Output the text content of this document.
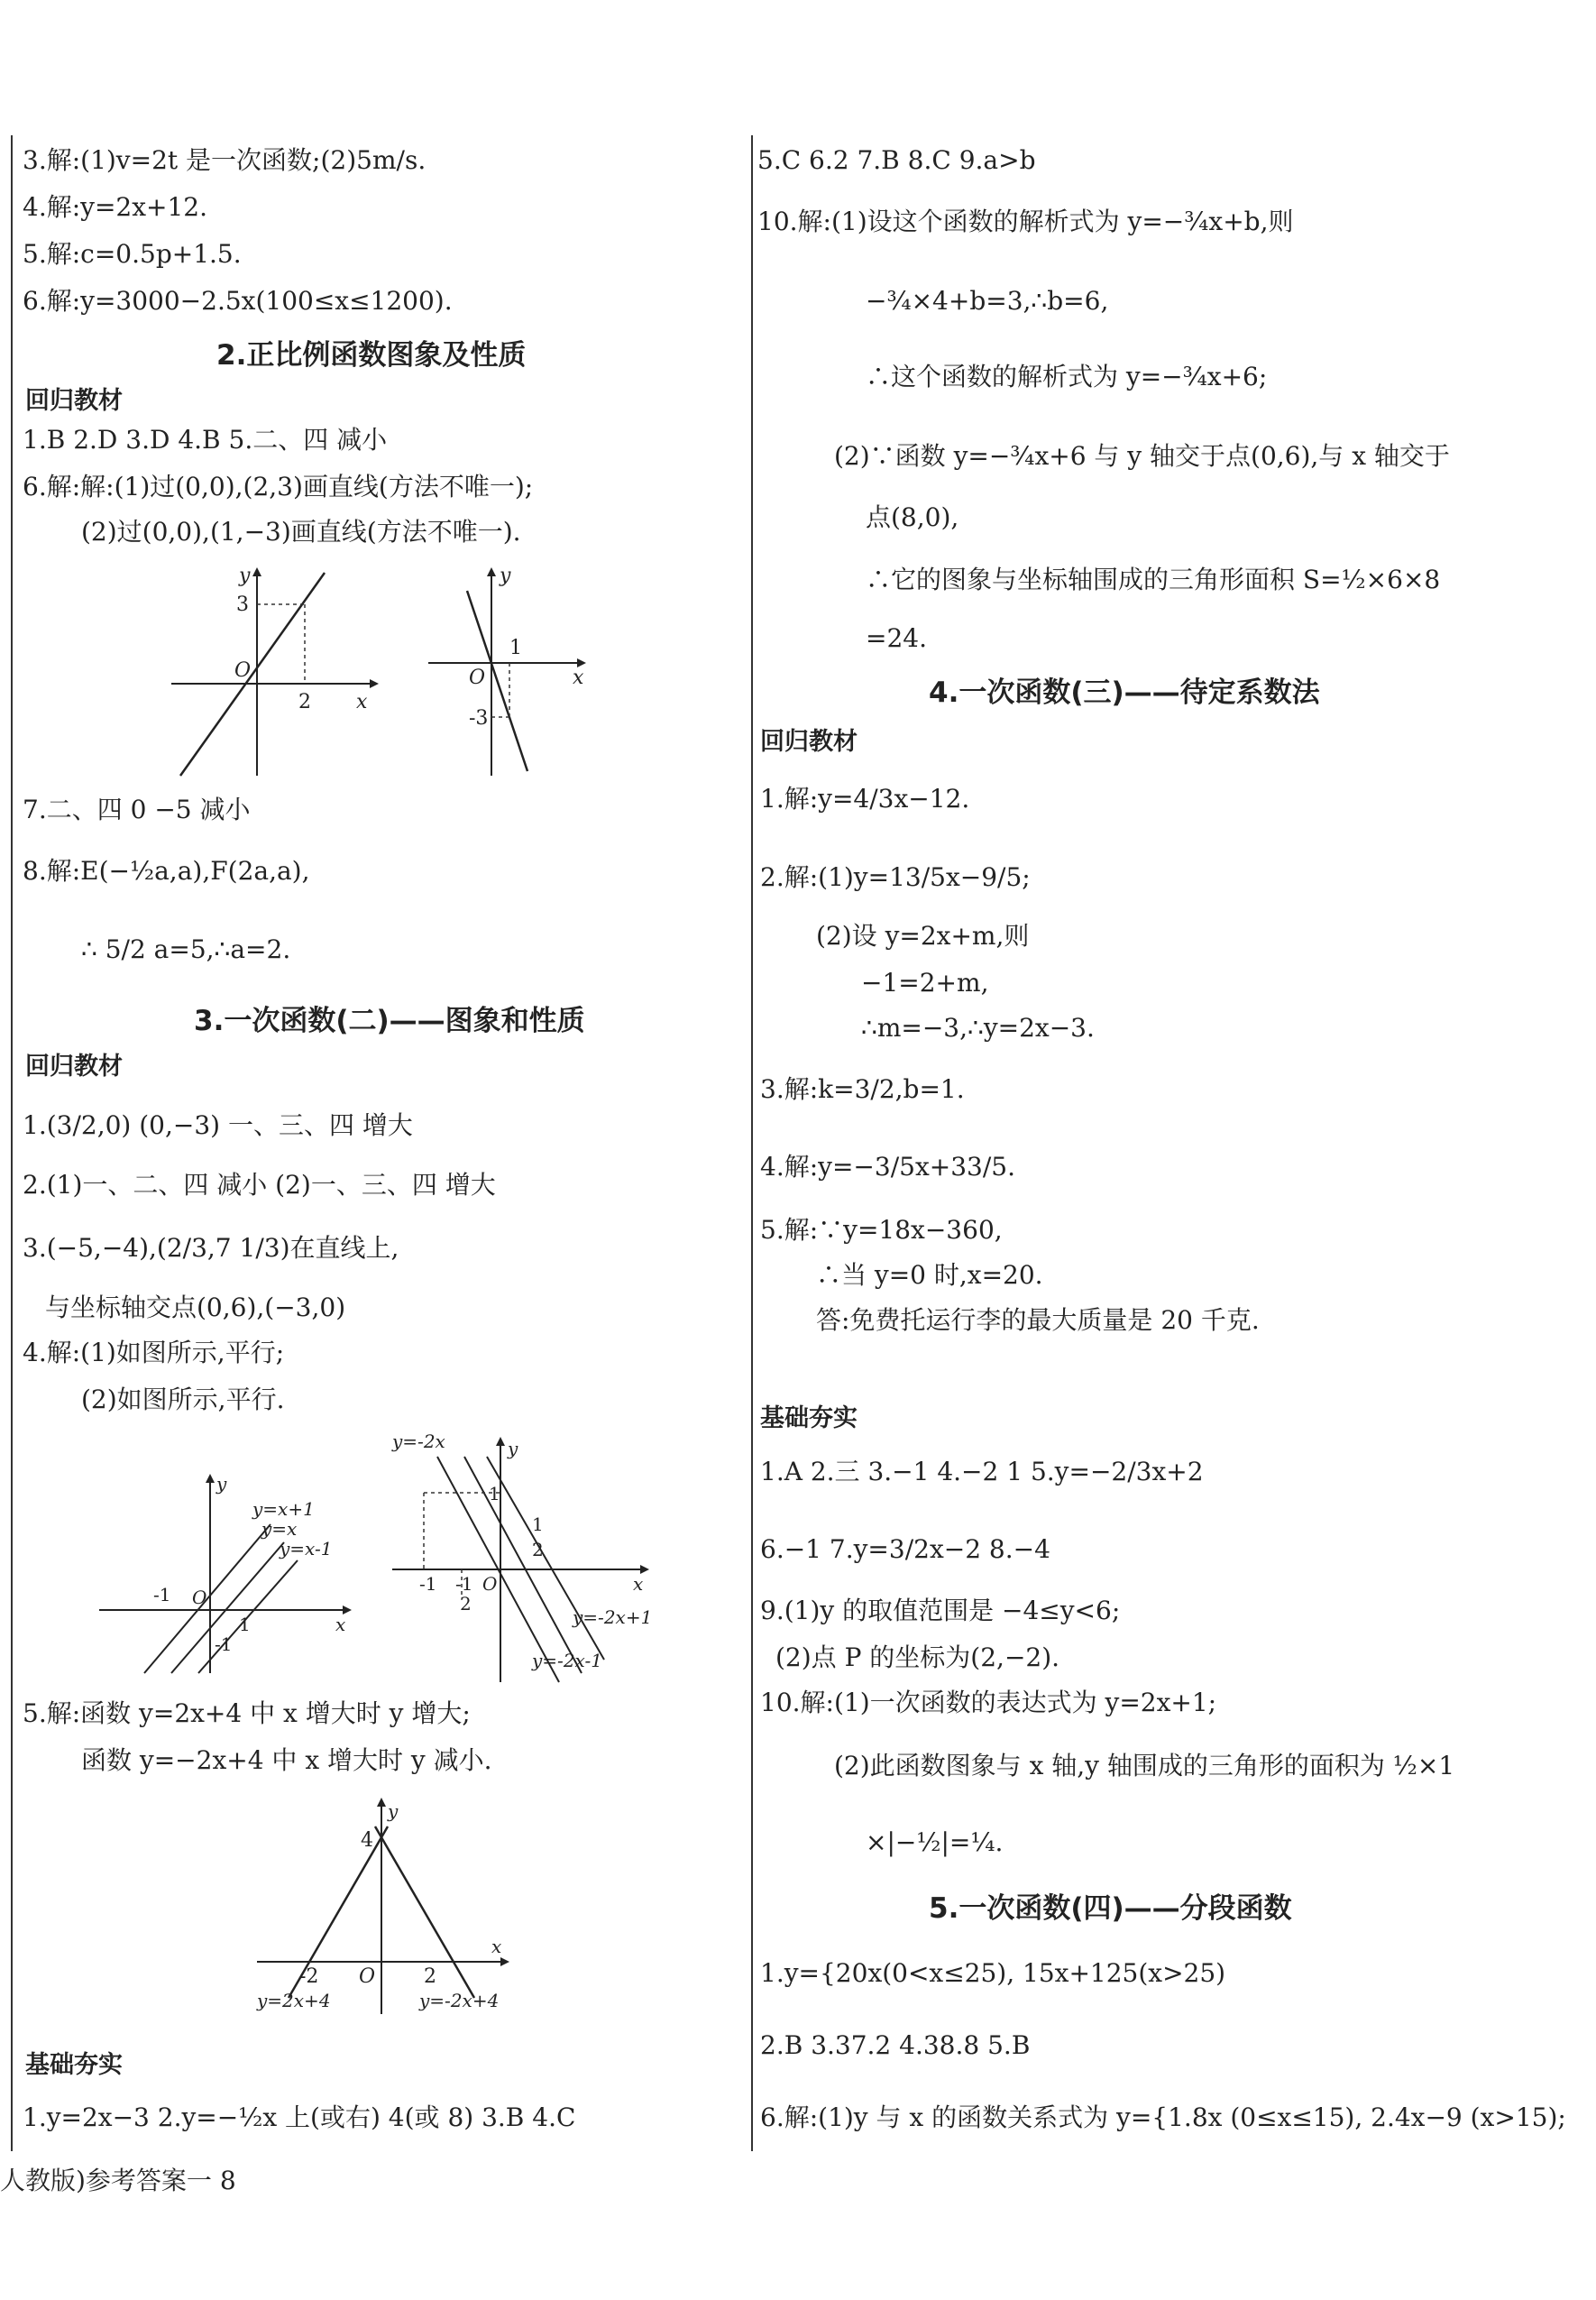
3.解:(1)v=2t 是一次函数;(2)5m/s.
4.解:y=2x+12.
5.解:c=0.5p+1.5.
6.解:y=3000−2.5x(100≤x≤1200).
2.正比例函数图象及性质
回归教材
1.B 2.D 3.D 4.B 5.二、四 减小
6.解:解:(1)过(0,0),(2,3)画直线(方法不唯一);
(2)过(0,0),(1,−3)画直线(方法不唯一).
y
3
O
2 x
y
1
O	x
-3
7.二、四 0 −5 减小
8.解:E(−½a,a),F(2a,a),
∴ 5/2 a=5,∴a=2.
3.一次函数(二)——图象和性质
回归教材
1.(3/2,0) (0,−3) 一、三、四 增大
2.(1)一、二、四 减小 (2)一、三、四 增大
3.(−5,−4),(2/3,7 1/3)在直线上,
与坐标轴交点(0,6),(−3,0)
4.解:(1)如图所示,平行;
(2)如图所示,平行.
y
y=x+1
y=x
y=x-1
-1 O
1
-1
x
y=-2x	y
1
1
2
-1 -1
2
O	x
y=-2x+1
y=-2x-1
5.解:函数 y=2x+4 中 x 增大时 y 增大;
函数 y=−2x+4 中 x 增大时 y 减小.
y
4
-2 O 2
x
y=2x+4	y=-2x+4
基础夯实
1.y=2x−3 2.y=−½x 上(或右) 4(或 8) 3.B 4.C
人教版)参考答案一 8
5.C 6.2 7.B 8.C 9.a>b
10.解:(1)设这个函数的解析式为 y=−¾x+b,则
−¾×4+b=3,∴b=6,
∴这个函数的解析式为 y=−¾x+6;
(2)∵函数 y=−¾x+6 与 y 轴交于点(0,6),与 x 轴交于
点(8,0),
∴它的图象与坐标轴围成的三角形面积 S=½×6×8
=24.
4.一次函数(三)——待定系数法
回归教材
1.解:y=4/3x−12.
2.解:(1)y=13/5x−9/5;
(2)设 y=2x+m,则
−1=2+m,
∴m=−3,∴y=2x−3.
3.解:k=3/2,b=1.
4.解:y=−3/5x+33/5.
5.解:∵y=18x−360,
∴当 y=0 时,x=20.
答:免费托运行李的最大质量是 20 千克.
基础夯实
1.A 2.三 3.−1 4.−2 1 5.y=−2/3x+2
6.−1 7.y=3/2x−2 8.−4
9.(1)y 的取值范围是 −4≤y<6;
(2)点 P 的坐标为(2,−2).
10.解:(1)一次函数的表达式为 y=2x+1;
(2)此函数图象与 x 轴,y 轴围成的三角形的面积为 ½×1
×|−½|=¼.
5.一次函数(四)——分段函数
1.y={20x(0<x≤25), 15x+125(x>25)
2.B 3.37.2 4.38.8 5.B
6.解:(1)y 与 x 的函数关系式为 y={1.8x (0≤x≤15), 2.4x−9 (x>15);
